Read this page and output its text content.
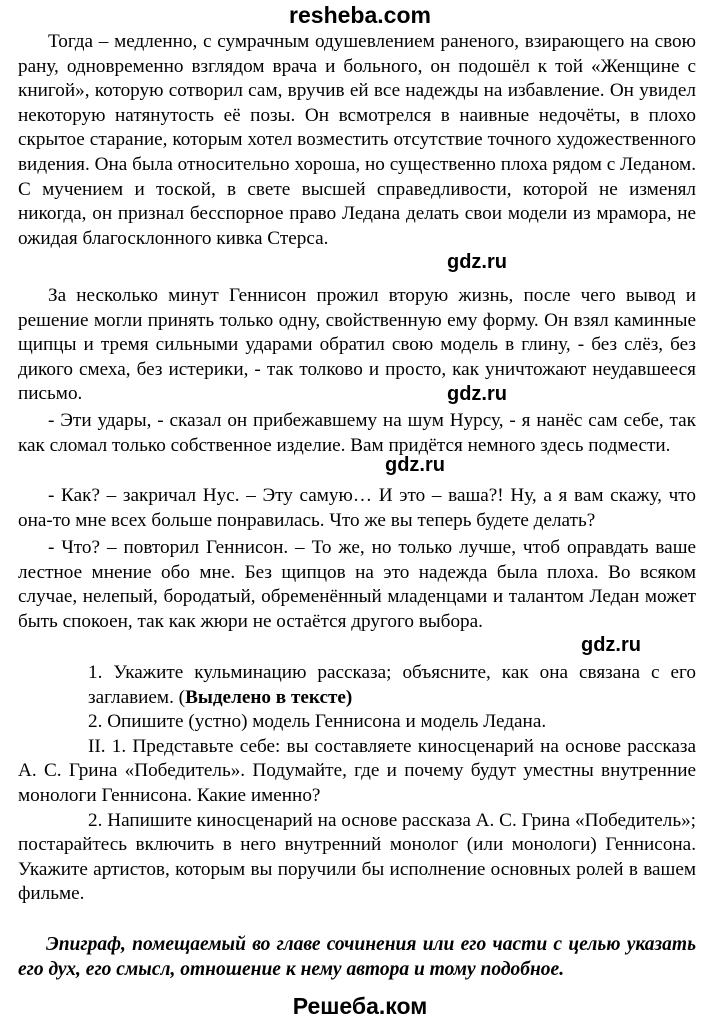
resheba.com

Тогда – медленно, с сумрачным одушевлением раненого, взирающего на свою рану, одновременно взглядом врача и больного, он подошёл к той «Женщине с книгой», которую сотворил сам, вручив ей все надежды на избавление. Он увидел некоторую натянутость её позы. Он всмотрелся в наивные недочёты, в плохо скрытое старание, которым хотел возместить отсутствие точного художественного видения. Она была относительно хороша, но существенно плоха рядом с Леданом. С мучением и тоской, в свете высшей справедливости, которой не изменял никогда, он признал бесспорное право Ледана делать свои модели из мрамора, не ожидая благосклонного кивка Стерса.

gdz.ru

За несколько минут Геннисон прожил вторую жизнь, после чего вывод и решение могли принять только одну, свойственную ему форму. Он взял каминные щипцы и тремя сильными ударами обратил свою модель в глину, - без слёз, без дикого смеха, без истерики, - так толково и просто, как уничтожают неудавшееся письмо.	gdz.ru

- Эти удары, - сказал он прибежавшему на шум Нурсу, - я нанёс сам себе, так как сломал только собственное изделие. Вам придётся немного здесь подмести.

gdz.ru

- Как? – закричал Нус. – Эту самую… И это – ваша?! Ну, а я вам скажу, что она-то мне всех больше понравилась. Что же вы теперь будете делать?

- Что? – повторил Геннисон. – То же, но только лучше, чтоб оправдать ваше лестное мнение обо мне. Без щипцов на это надежда была плоха. Во всяком случае, нелепый, бородатый, обременённый младенцами и талантом Ледан может быть спокоен, так как жюри не остаётся другого выбора.

gdz.ru

1. Укажите кульминацию рассказа; объясните, как она связана с его заглавием. (Выделено в тексте)

2. Опишите (устно) модель Геннисона и модель Ледана.

II. 1. Представьте себе: вы составляете киносценарий на основе рассказа А. С. Грина «Победитель». Подумайте, где и почему будут уместны внутренние монологи Геннисона. Какие именно?

2. Напишите киносценарий на основе рассказа А. С. Грина «Победитель»; постарайтесь включить в него внутренний монолог (или монологи) Геннисона. Укажите артистов, которым вы поручили бы исполнение основных ролей в вашем фильме.

Эпиграф, помещаемый во главе сочинения или его части с целью указать его дух, его смысл, отношение к нему автора и тому подобное.
Решеба.ком
